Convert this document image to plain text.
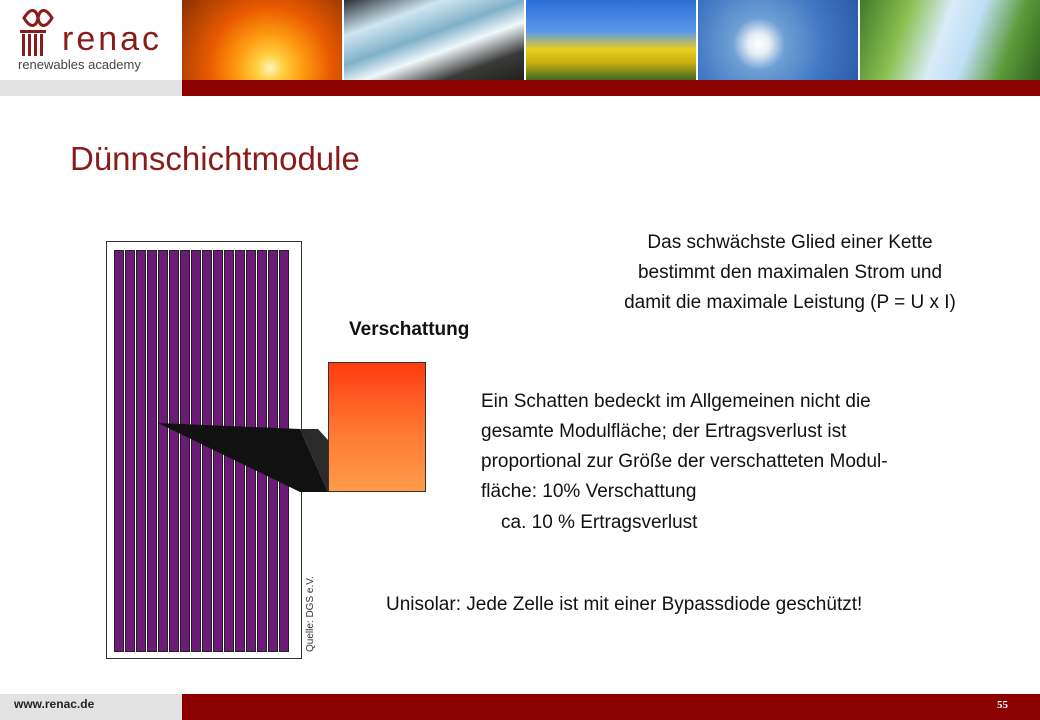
renac
renewables academy
Dünnschichtmodule
Quelle: DGS e.V.
Verschattung
Das schwächste Glied einer Kette
bestimmt den maximalen Strom und
damit die maximale Leistung (P = U x I)
Ein Schatten bedeckt im Allgemeinen nicht die
gesamte Modulfläche; der Ertragsverlust ist
proportional zur Größe der verschatteten Modul-
fläche: 10% Verschattung
ca. 10 % Ertragsverlust
Unisolar: Jede Zelle ist mit einer Bypassdiode geschützt!
www.renac.de	55
